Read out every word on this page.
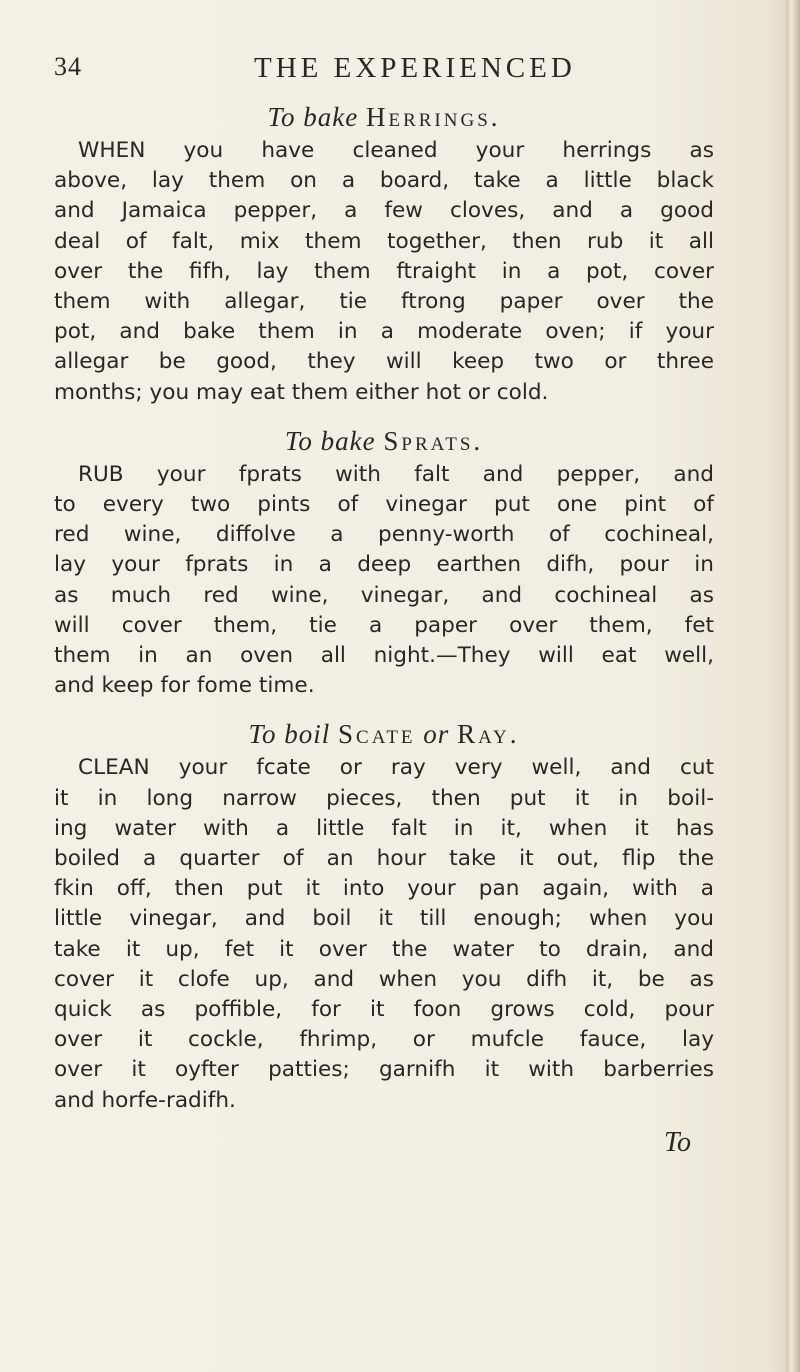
34	THE EXPERIENCED
To bake Herrings.
WHEN you have cleaned your herrings as
above, lay them on a board, take a little black
and Jamaica pepper, a few cloves, and a good
deal of falt, mix them together, then rub it all
over the fifh, lay them ftraight in a pot, cover
them with allegar, tie ftrong paper over the
pot, and bake them in a moderate oven; if your
allegar be good, they will keep two or three
months; you may eat them either hot or cold.
To bake Sprats.
RUB your fprats with falt and pepper, and
to every two pints of vinegar put one pint of
red wine, diffolve a penny-worth of cochineal,
lay your fprats in a deep earthen difh, pour in
as much red wine, vinegar, and cochineal as
will cover them, tie a paper over them, fet
them in an oven all night.—They will eat well,
and keep for fome time.
To boil Scate or Ray.
CLEAN your fcate or ray very well, and cut
it in long narrow pieces, then put it in boil-
ing water with a little falt in it, when it has
boiled a quarter of an hour take it out, flip the
fkin off, then put it into your pan again, with a
little vinegar, and boil it till enough; when you
take it up, fet it over the water to drain, and
cover it clofe up, and when you difh it, be as
quick as poffible, for it foon grows cold, pour
over it cockle, fhrimp, or mufcle fauce, lay
over it oyfter patties; garnifh it with barberries
and horfe-radifh.
To
